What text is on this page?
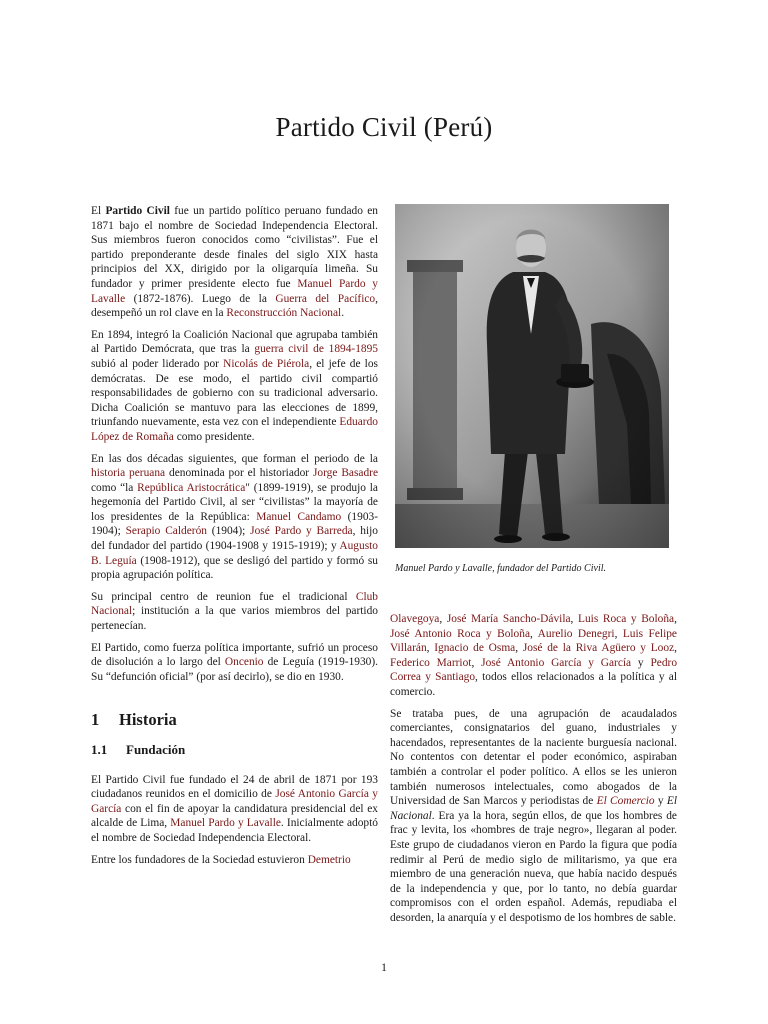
Partido Civil (Perú)

El Partido Civil fue un partido político peruano fundado en 1871 bajo el nombre de Sociedad Independencia Electoral. Sus miembros fueron conocidos como “civilistas”. Fue el partido preponderante desde finales del siglo XIX hasta principios del XX, dirigido por la oligarquía limeña. Su fundador y primer presidente electo fue Manuel Pardo y Lavalle (1872-1876). Luego de la Guerra del Pacífico, desempeñó un rol clave en la Reconstrucción Nacional.

En 1894, integró la Coalición Nacional que agrupaba también al Partido Demócrata, que tras la guerra civil de 1894-1895 subió al poder liderado por Nicolás de Piérola, el jefe de los demócratas. De ese modo, el partido civil compartió responsabilidades de gobierno con su tradicional adversario. Dicha Coalición se mantuvo para las elecciones de 1899, triunfando nuevamente, esta vez con el independiente Eduardo López de Romaña como presidente.

En las dos décadas siguientes, que forman el periodo de la historia peruana denominada por el historiador Jorge Basadre como “la República Aristocrática" (1899-1919), se produjo la hegemonía del Partido Civil, al ser “civilistas” la mayoría de los presidentes de la República: Manuel Candamo (1903-1904); Serapio Calderón (1904); José Pardo y Barreda, hijo del fundador del partido (1904-1908 y 1915-1919); y Augusto B. Leguía (1908-1912), que se desligó del partido y formó su propia agrupación política.

Su principal centro de reunion fue el tradicional Club Nacional; institución a la que varios miembros del partido pertenecían.

El Partido, como fuerza política importante, sufrió un proceso de disolución a lo largo del Oncenio de Leguía (1919-1930). Su “defunción oficial” (por así decirlo), se dio en 1930.

1 Historia
1.1 Fundación

El Partido Civil fue fundado el 24 de abril de 1871 por 193 ciudadanos reunidos en el domicilio de José Antonio García y García con el fin de apoyar la candidatura presidencial del ex alcalde de Lima, Manuel Pardo y Lavalle. Inicialmente adoptó el nombre de Sociedad Independencia Electoral.

Entre los fundadores de la Sociedad estuvieron Demetrio

Manuel Pardo y Lavalle, fundador del Partido Civil.

Olavegoya, José María Sancho-Dávila, Luis Roca y Boloña, José Antonio Roca y Boloña, Aurelio Denegri, Luis Felipe Villarán, Ignacio de Osma, José de la Riva Agüero y Looz, Federico Marriot, José Antonio García y García y Pedro Correa y Santiago, todos ellos relacionados a la política y al comercio.

Se trataba pues, de una agrupación de acaudalados comerciantes, consignatarios del guano, industriales y hacendados, representantes de la naciente burguesía nacional. No contentos con detentar el poder económico, aspiraban también a controlar el poder político. A ellos se les unieron también numerosos intelectuales, como abogados de la Universidad de San Marcos y periodistas de El Comercio y El Nacional. Era ya la hora, según ellos, de que los hombres de frac y levita, los «hombres de traje negro», llegaran al poder. Este grupo de ciudadanos vieron en Pardo la figura que podía redimir al Perú de medio siglo de militarismo, ya que era miembro de una generación nueva, que había nacido después de la independencia y que, por lo tanto, no debía guardar compromisos con el orden español. Además, repudiaba el desorden, la anarquía y el despotismo de los hombres de sable.

1
